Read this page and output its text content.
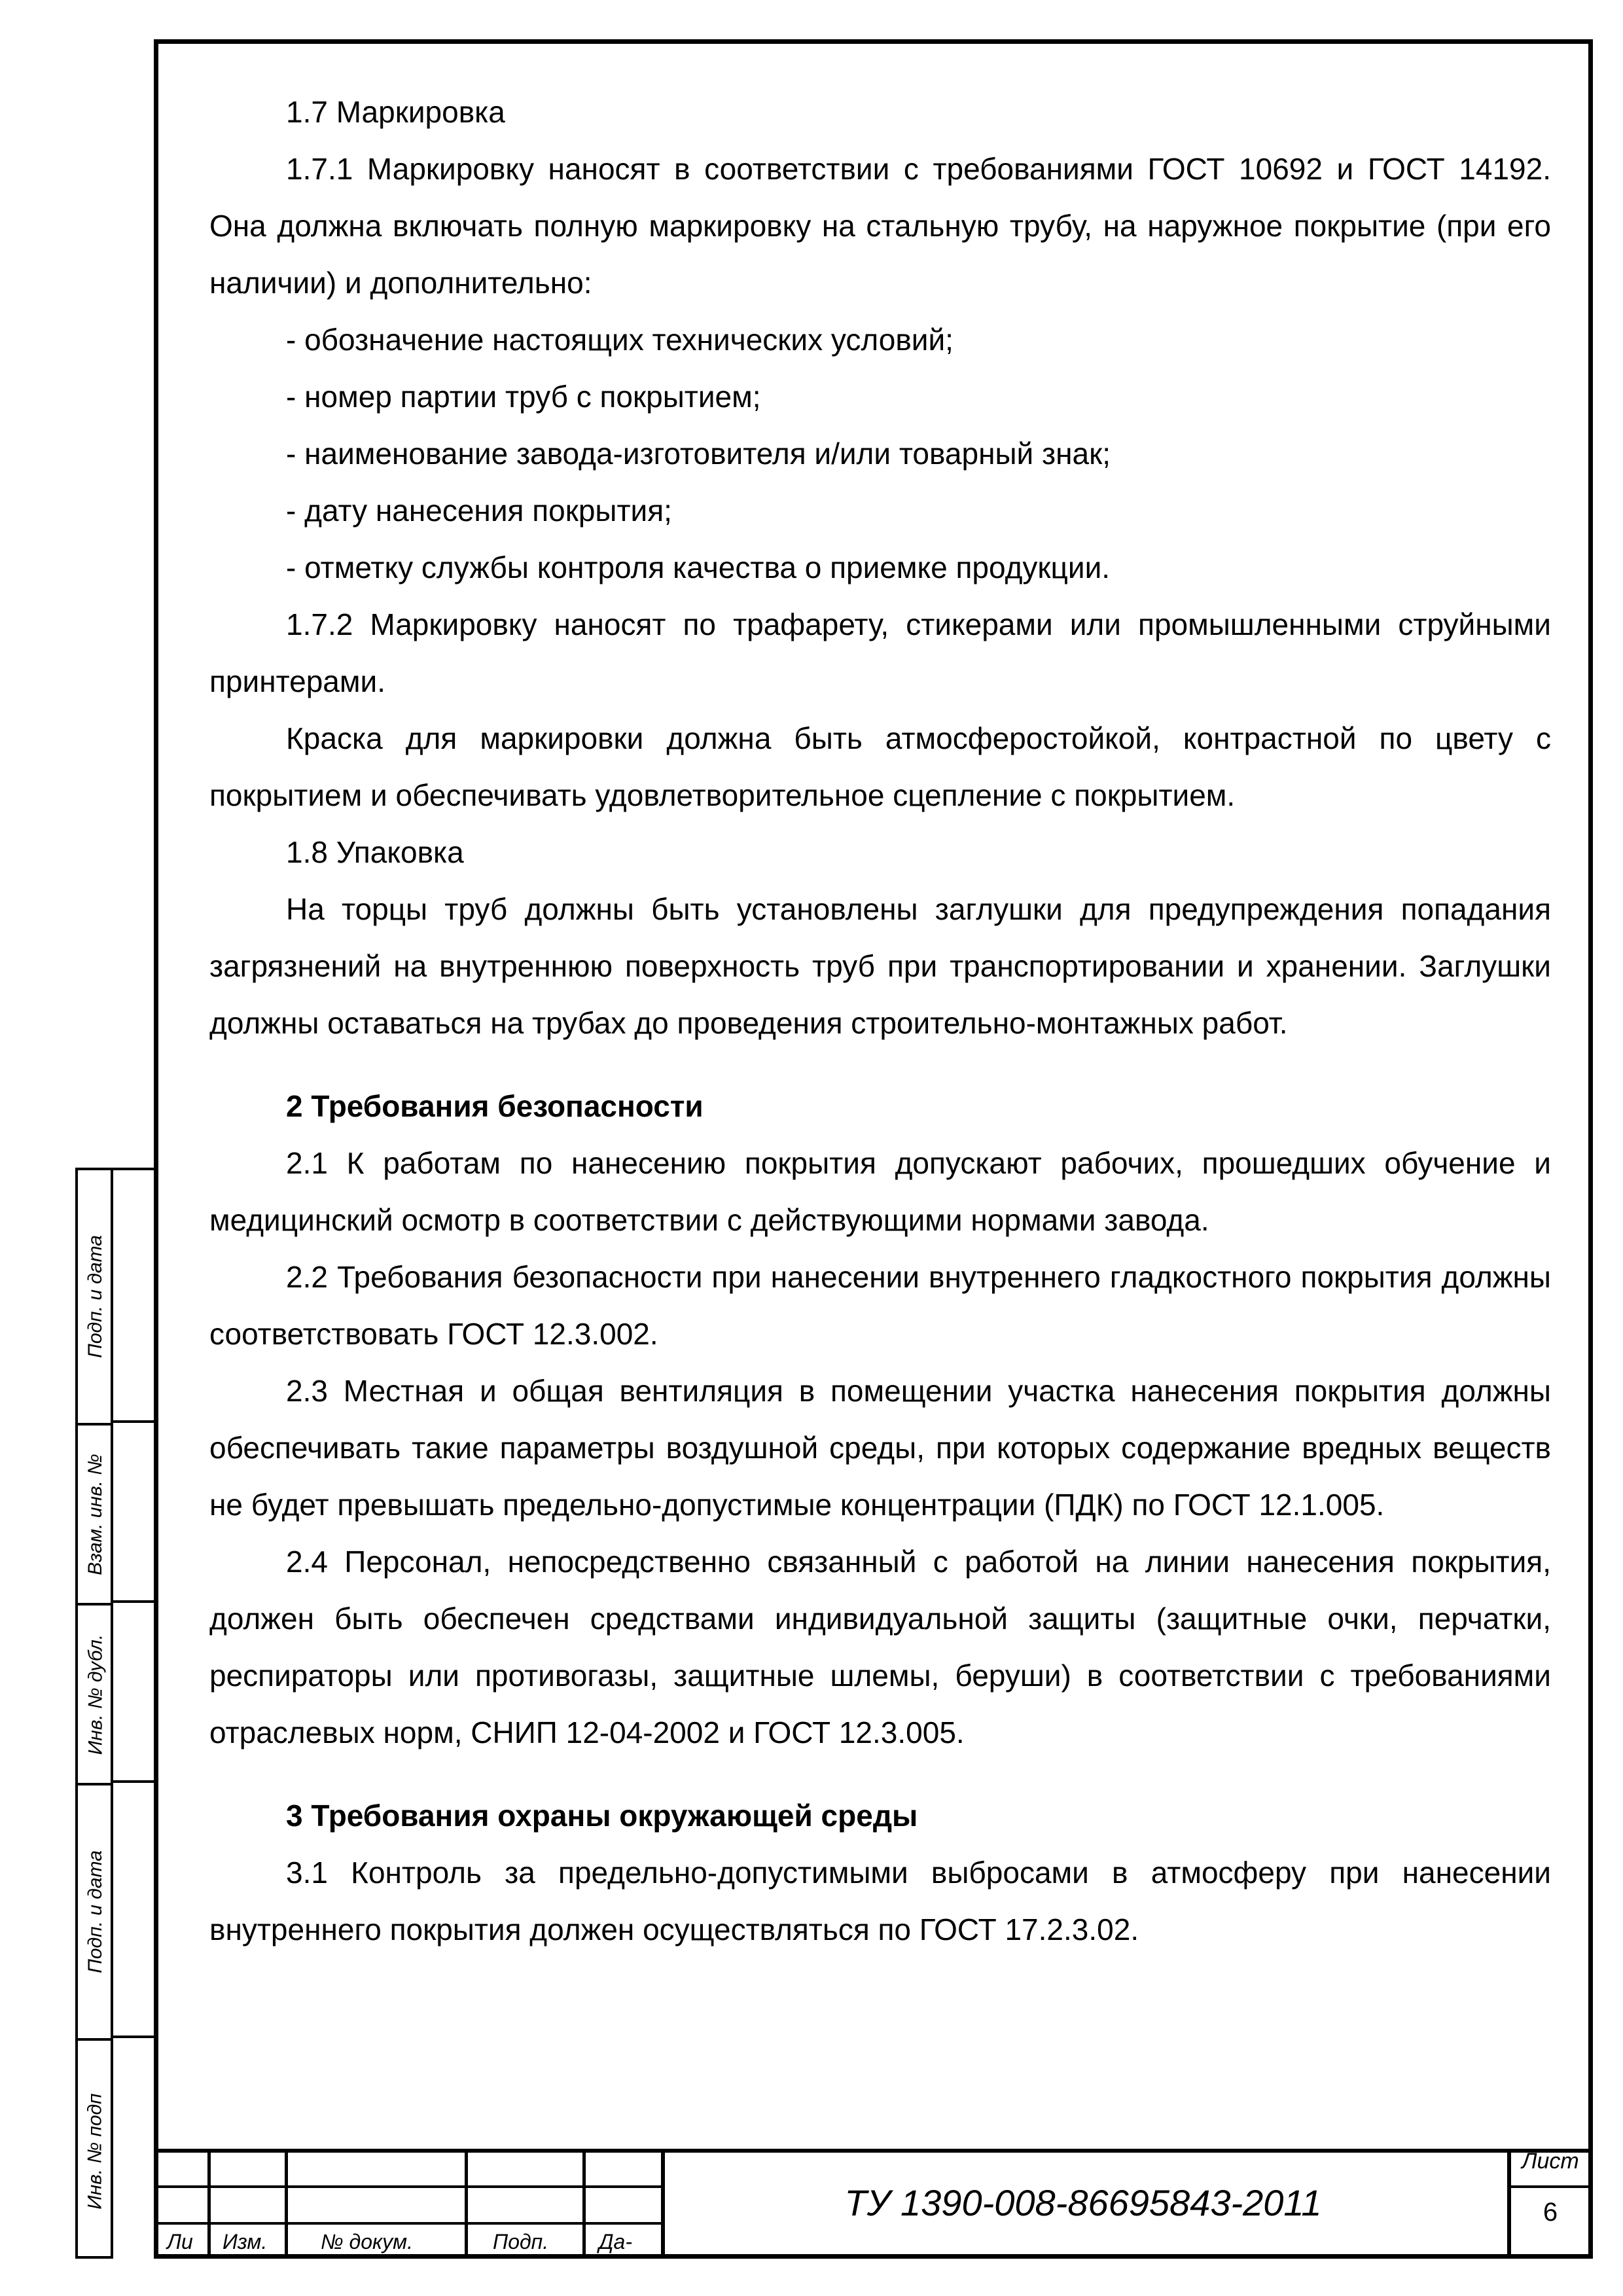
1.7 Маркировка

1.7.1 Маркировку наносят в соответствии с требованиями ГОСТ 10692 и ГОСТ 14192. Она должна включать полную маркировку на стальную трубу, на наружное покрытие (при его наличии) и дополнительно:

- обозначение настоящих технических условий;

- номер партии труб с покрытием;

- наименование завода-изготовителя и/или товарный знак;

- дату нанесения покрытия;

- отметку службы контроля качества о приемке продукции.

1.7.2 Маркировку наносят по трафарету, стикерами или промышленными струйными принтерами.

Краска для маркировки должна быть атмосферостойкой, контрастной по цвету с покрытием и обеспечивать удовлетворительное сцепление с покрытием.

1.8 Упаковка

На торцы труб должны быть установлены заглушки для предупреждения попадания загрязнений на внутреннюю поверхность труб при транспортировании и хранении. Заглушки должны оставаться на трубах до проведения строительно-монтажных работ.

2 Требования безопасности

2.1 К работам по нанесению покрытия допускают рабочих, прошедших обучение и медицинский осмотр в соответствии с действующими нормами завода.

2.2 Требования безопасности при нанесении внутреннего гладкостного покрытия должны соответствовать ГОСТ 12.3.002.

2.3 Местная и общая вентиляция в помещении участка нанесения покрытия должны обеспечивать такие параметры воздушной среды, при которых содержание вредных веществ не будет превышать предельно-допустимые концентрации (ПДК) по ГОСТ 12.1.005.

2.4 Персонал, непосредственно связанный с работой на линии нанесения покрытия, должен быть обеспечен средствами индивидуальной защиты (защитные очки, перчатки, респираторы или противогазы, защитные шлемы, беруши) в соответствии с требованиями отраслевых норм, СНИП 12-04-2002 и ГОСТ 12.3.005.

3 Требования охраны окружающей среды

3.1 Контроль за предельно-допустимыми выбросами в атмосферу при нанесении внутреннего покрытия должен осуществляться по ГОСТ 17.2.3.02.

Подп. и дата
Взам. инв. №
Инв. № дубл.
Подп. и дата
Инв. № подп
Ли Изм.	№ докум.	Подп. Да-
ТУ 1390-008-86695843-2011
Лист
6
